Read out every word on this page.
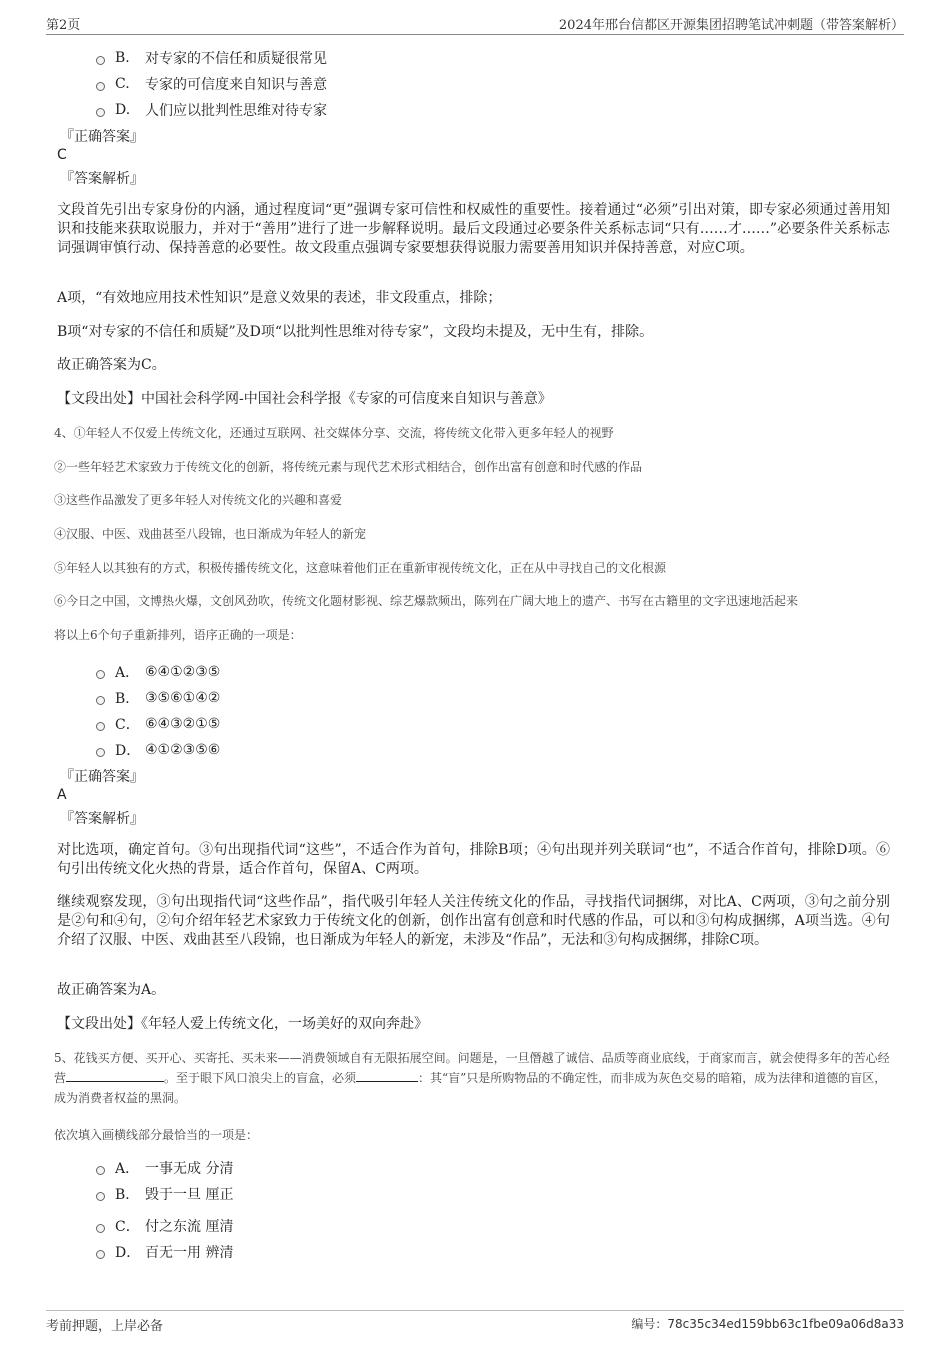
第2页	2024年邢台信都区开源集团招聘笔试冲刺题（带答案解析）
B.	对专家的不信任和质疑很常见
C.	专家的可信度来自知识与善意
D.	人们应以批判性思维对待专家
『正确答案』
C
『答案解析』
文段首先引出专家身份的内涵，通过程度词“更”强调专家可信性和权威性的重要性。接着通过“必须”引出对策，即专家必须通过善用知识和技能来获取说服力，并对于“善用”进行了进一步解释说明。最后文段通过必要条件关系标志词“只有……才……”必要条件关系标志词强调审慎行动、保持善意的必要性。故文段重点强调专家要想获得说服力需要善用知识并保持善意，对应C项。
A项，“有效地应用技术性知识”是意义效果的表述，非文段重点，排除；
B项“对专家的不信任和质疑”及D项“以批判性思维对待专家”，文段均未提及，无中生有，排除。
故正确答案为C。
【文段出处】中国社会科学网-中国社会科学报《专家的可信度来自知识与善意》
4、①年轻人不仅爱上传统文化，还通过互联网、社交媒体分享、交流，将传统文化带入更多年轻人的视野
②一些年轻艺术家致力于传统文化的创新，将传统元素与现代艺术形式相结合，创作出富有创意和时代感的作品
③这些作品激发了更多年轻人对传统文化的兴趣和喜爱
④汉服、中医、戏曲甚至八段锦，也日渐成为年轻人的新宠
⑤年轻人以其独有的方式，积极传播传统文化，这意味着他们正在重新审视传统文化，正在从中寻找自己的文化根源
⑥今日之中国，文博热火爆，文创风劲吹，传统文化题材影视、综艺爆款频出，陈列在广阔大地上的遗产、书写在古籍里的文字迅速地活起来
将以上6个句子重新排列，语序正确的一项是：
A． ⑥④①②③⑤
B． ③⑤⑥①④②
C． ⑥④③②①⑤
D． ④①②③⑤⑥
『正确答案』
A
『答案解析』
对比选项，确定首句。③句出现指代词“这些”，不适合作为首句，排除B项；④句出现并列关联词“也”，不适合作首句，排除D项。⑥句引出传统文化火热的背景，适合作首句，保留A、C两项。
继续观察发现，③句出现指代词“这些作品”，指代吸引年轻人关注传统文化的作品，寻找指代词捆绑，对比A、C两项，③句之前分别是②句和④句，②句介绍年轻艺术家致力于传统文化的创新，创作出富有创意和时代感的作品，可以和③句构成捆绑，A项当选。④句介绍了汉服、中医、戏曲甚至八段锦，也日渐成为年轻人的新宠，未涉及“作品”，无法和③句构成捆绑，排除C项。
故正确答案为A。
【文段出处】《年轻人爱上传统文化，一场美好的双向奔赴》
5、花钱买方便、买开心、买寄托、买未来——消费领域自有无限拓展空间。问题是，一旦僭越了诚信、品质等商业底线，于商家而言，就会使得多年的苦心经营	。至于眼下风口浪尖上的盲盒，必须	：其“盲”只是所购物品的不确定性，而非成为灰色交易的暗箱，成为法律和道德的盲区，成为消费者权益的黑洞。
依次填入画横线部分最恰当的一项是：
A． 一事无成 分清
B． 毁于一旦 厘正
C． 付之东流 厘清
D． 百无一用 辨清
考前押题，上岸必备	编号：78c35c34ed159bb63c1fbe09a06d8a33
